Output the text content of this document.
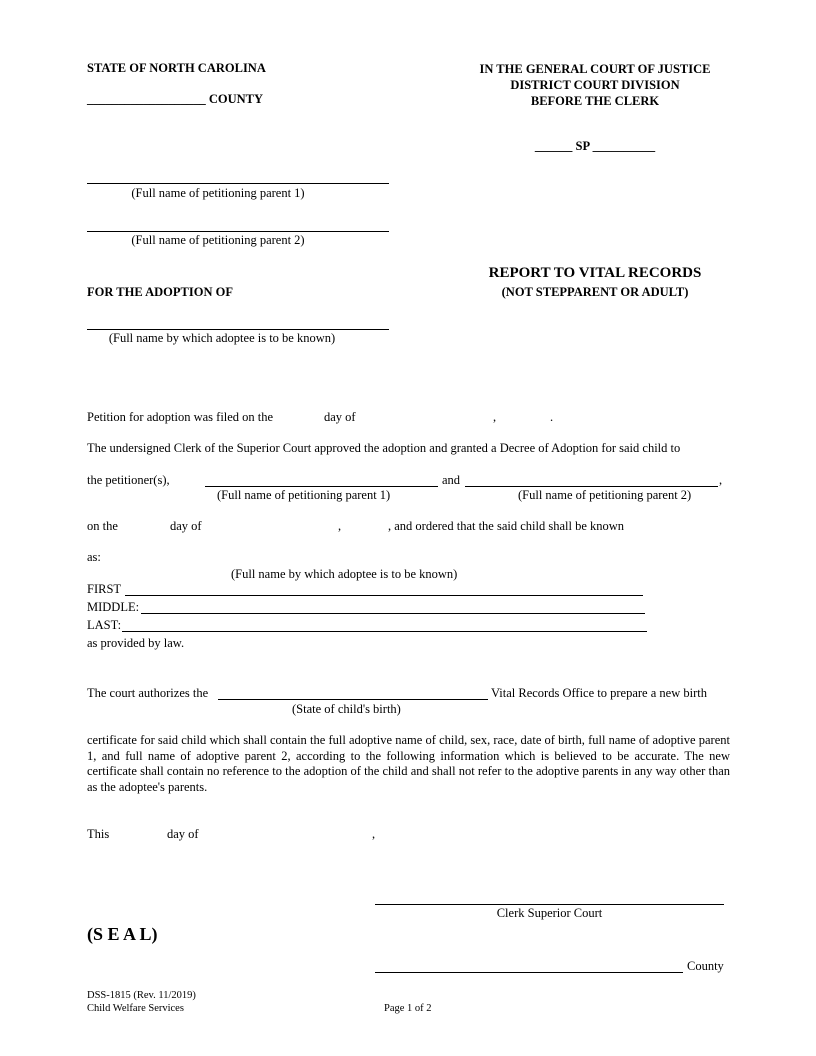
STATE OF NORTH CAROLINA
___________________ COUNTY
IN THE GENERAL COURT OF JUSTICE
DISTRICT COURT DIVISION
BEFORE THE CLERK
______ SP __________
(Full name of petitioning parent 1)
(Full name of petitioning parent 2)
FOR THE ADOPTION OF
REPORT TO VITAL RECORDS
(NOT STEPPARENT OR ADULT)
(Full name by which adoptee is to be known)
Petition for adoption was filed on the	day of	,	.
The undersigned Clerk of the Superior Court approved the adoption and granted a Decree of Adoption for said child to
the petitioner(s),	and	,
(Full name of petitioning parent 1)	(Full name of petitioning parent 2)
on the	day of	,	, and ordered that the said child shall be known
as:
(Full name by which adoptee is to be known)
FIRST
MIDDLE:
LAST:
as provided by law.
The court authorizes the	Vital Records Office to prepare a new birth
(State of child's birth)
certificate for said child which shall contain the full adoptive name of child, sex, race, date of birth, full name of adoptive parent 1, and full name of adoptive parent 2, according to the following information which is believed to be accurate. The new certificate shall contain no reference to the adoption of the child and shall not refer to the adoptive parents in any way other than as the adoptee's parents.
This	day of	,
Clerk Superior Court
(S E A L)
County
DSS-1815 (Rev. 11/2019)
Child Welfare Services	Page 1 of 2
